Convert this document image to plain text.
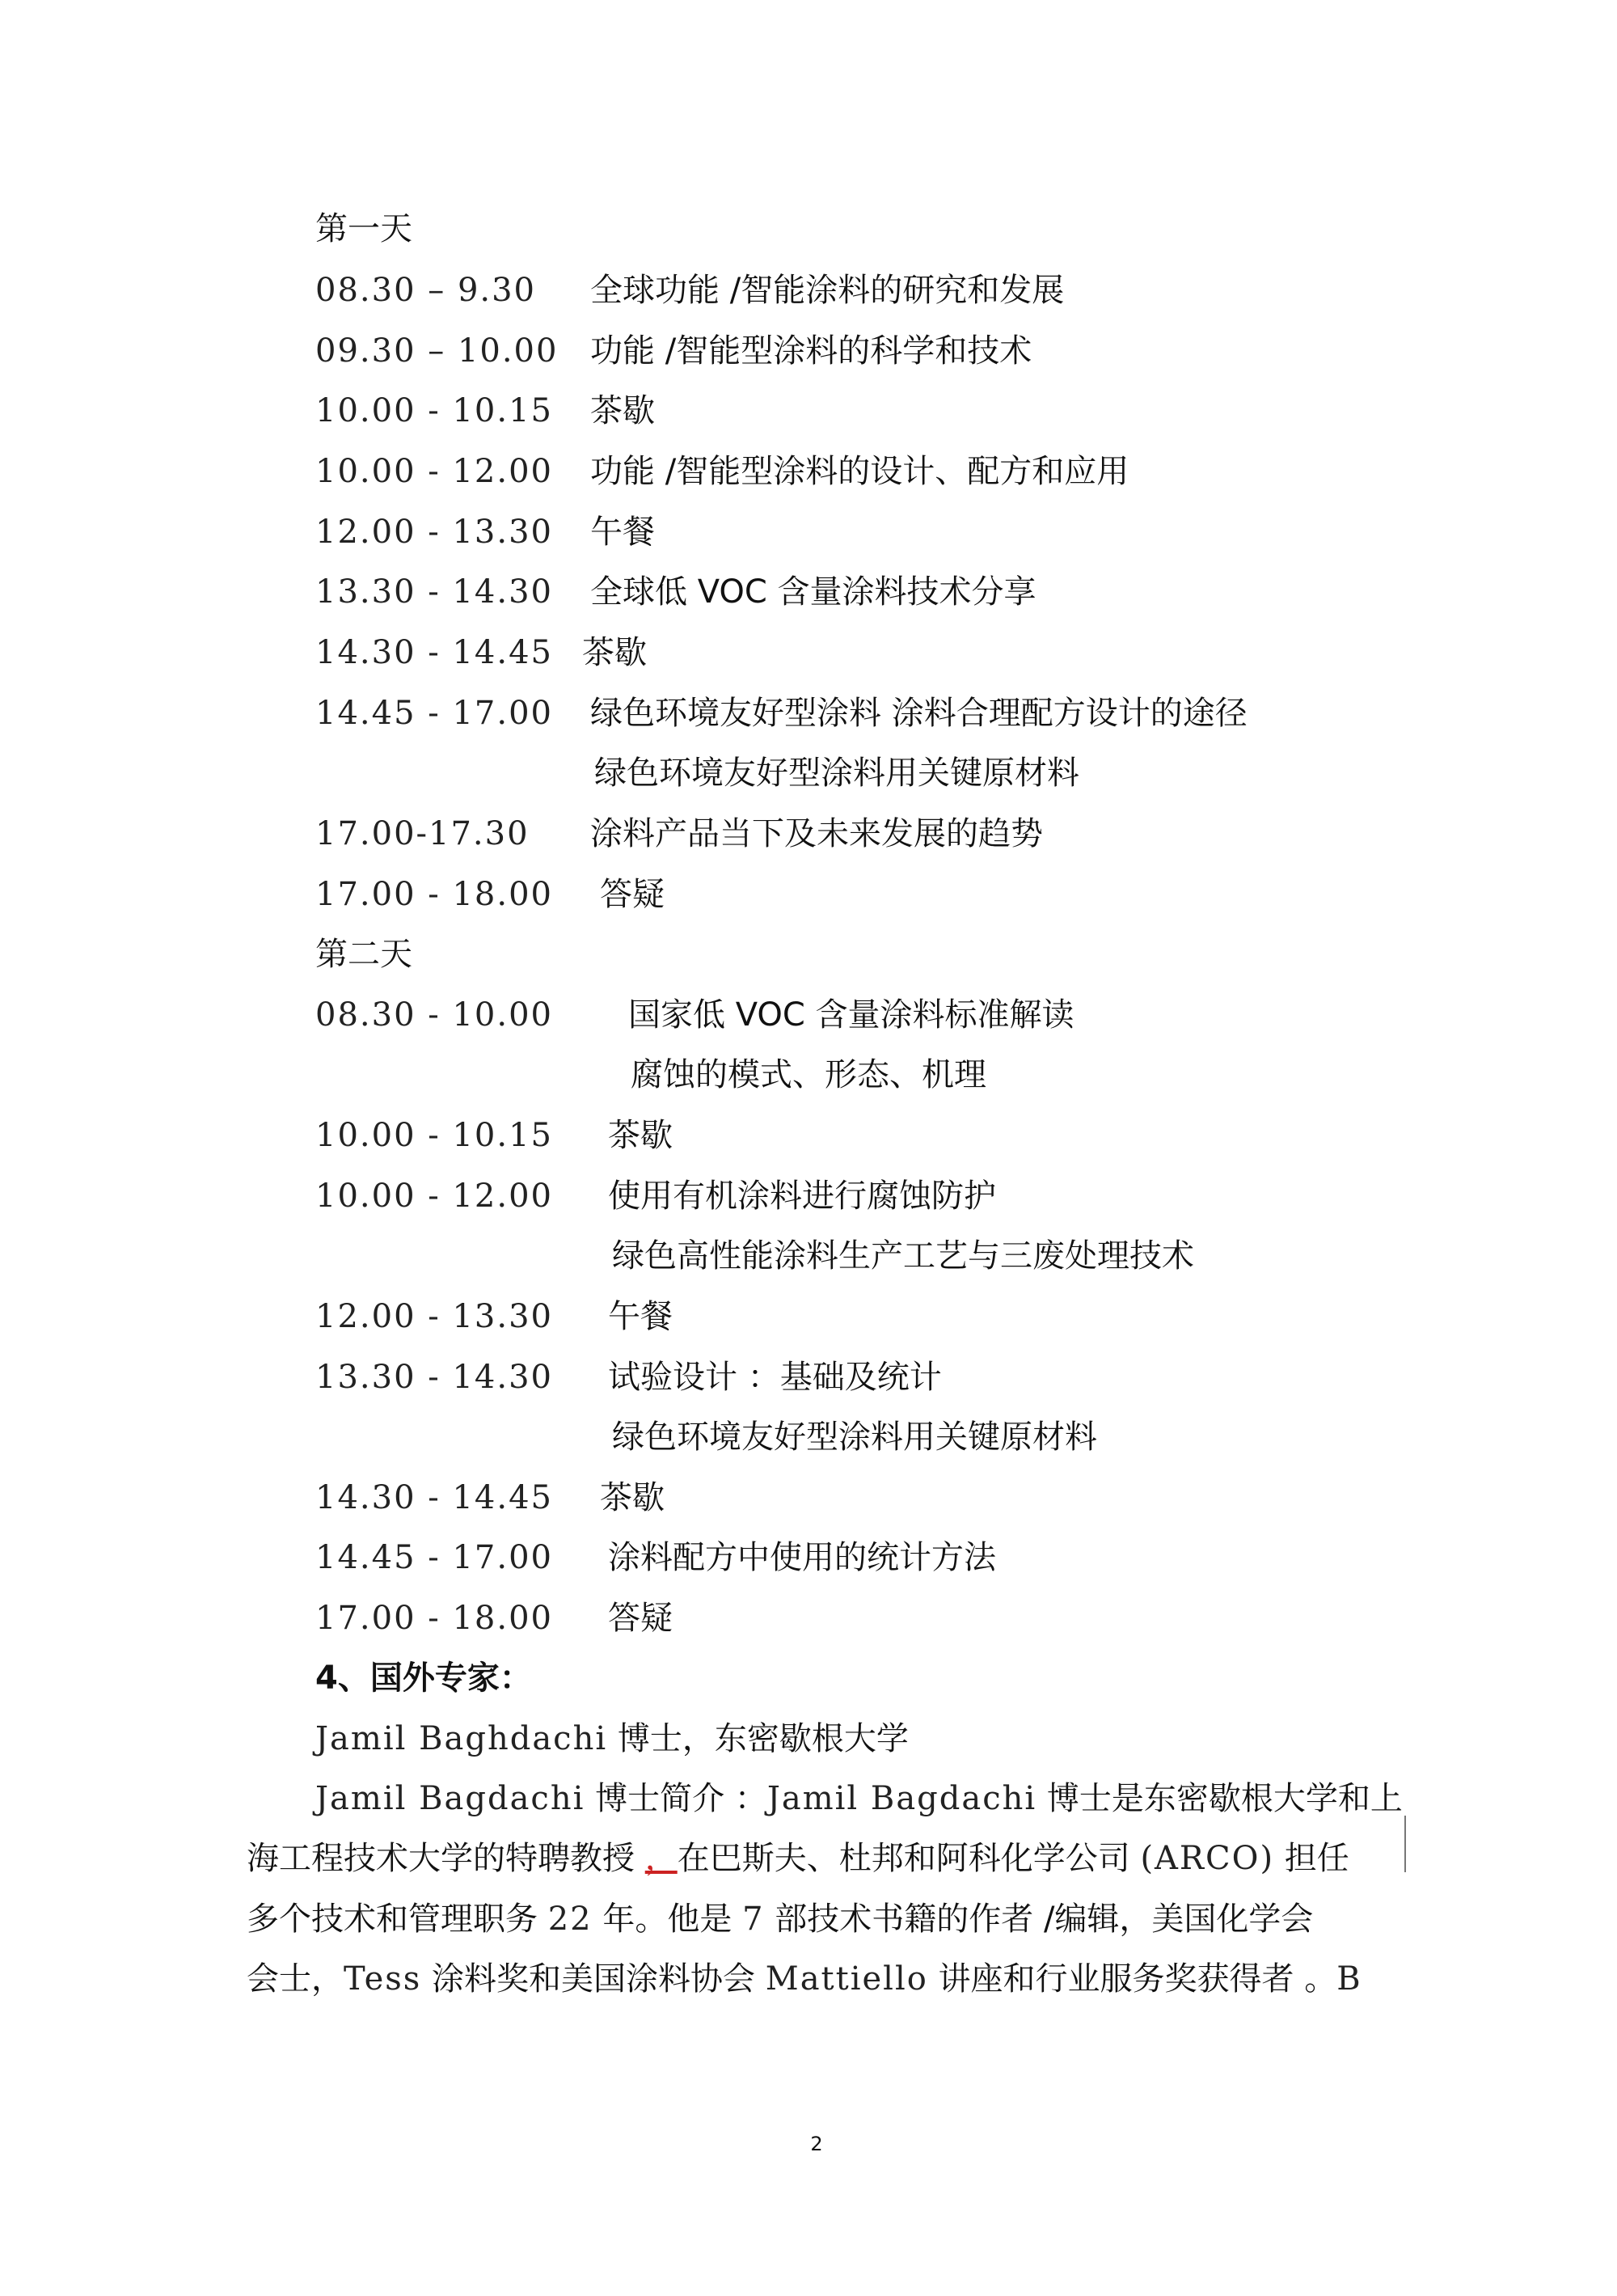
第一天
08.30 – 9.30 全球功能 /智能涂料的研究和发展
09.30 – 10.00 功能 /智能型涂料的科学和技术
10.00 - 10.15 茶歇
10.00 - 12.00 功能 /智能型涂料的设计、配方和应用
12.00 - 13.30 午餐
13.30 - 14.30 全球低 VOC 含量涂料技术分享
14.30 - 14.45 茶歇
14.45 - 17.00 绿色环境友好型涂料 涂料合理配方设计的途径
绿色环境友好型涂料用关键原材料
17.00-17.30 涂料产品当下及未来发展的趋势
17.00 - 18.00 答疑
第二天
08.30 - 10.00 国家低 VOC 含量涂料标准解读
腐蚀的模式、形态、机理
10.00 - 10.15 茶歇
10.00 - 12.00 使用有机涂料进行腐蚀防护
绿色高性能涂料生产工艺与三废处理技术
12.00 - 13.30 午餐
13.30 - 14.30 试验设计 ：基础及统计
绿色环境友好型涂料用关键原材料
14.30 - 14.45 茶歇
14.45 - 17.00 涂料配方中使用的统计方法
17.00 - 18.00 答疑
4、国外专家：
Jamil Baghdachi 博士，东密歇根大学
Jamil Bagdachi 博士简介 ：Jamil Bagdachi 博士是东密歇根大学和上
海工程技术大学的特聘教授 ，在巴斯夫、杜邦和阿科化学公司 (ARCO) 担任
多个技术和管理职务 22 年。他是 7 部技术书籍的作者 /编辑，美国化学会
会士，Tess 涂料奖和美国涂料协会 Mattiello 讲座和行业服务奖获得者 。B
2
